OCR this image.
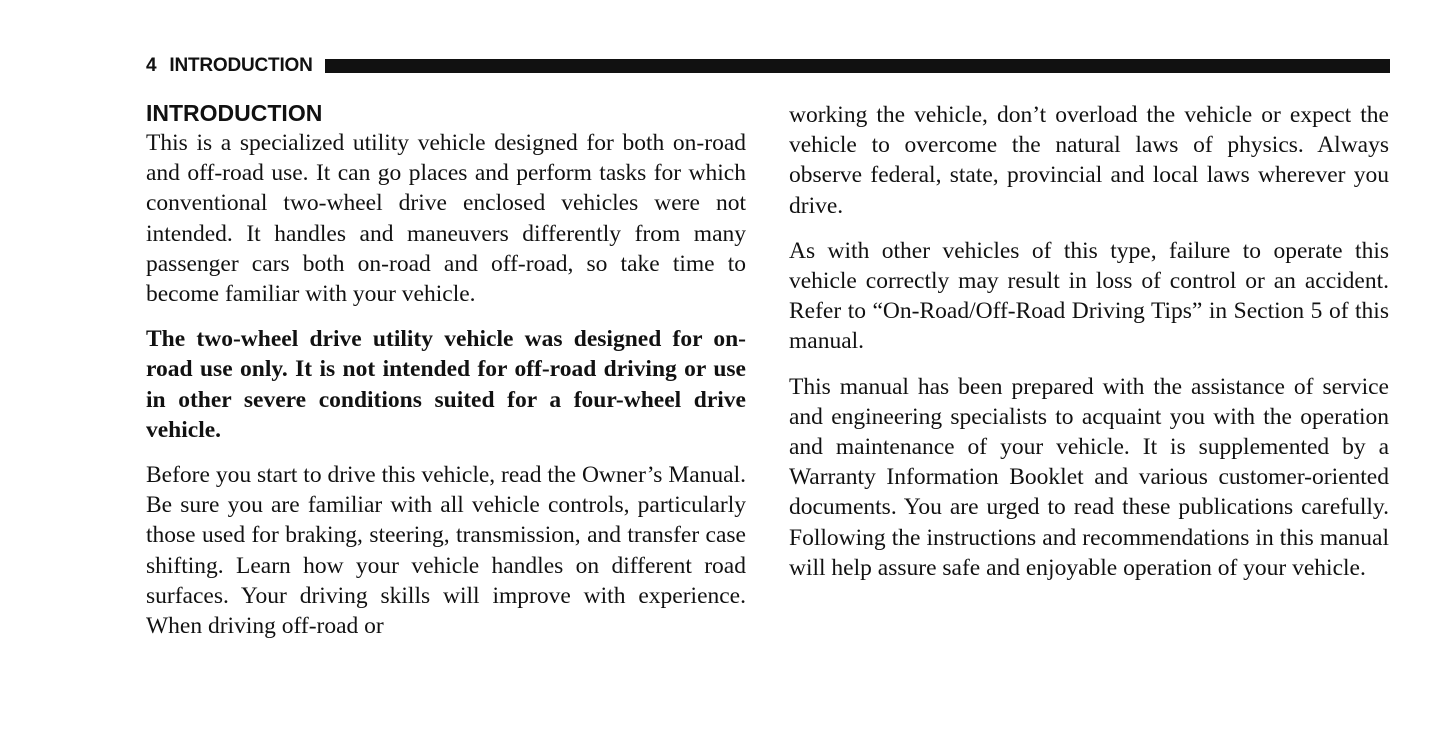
4 INTRODUCTION
INTRODUCTION

This is a specialized utility vehicle designed for both on-road and off-road use. It can go places and perform tasks for which conventional two-wheel drive enclosed vehicles were not intended. It handles and maneuvers differently from many passenger cars both on-road and off-road, so take time to become familiar with your vehicle.

The two-wheel drive utility vehicle was designed for on-road use only. It is not intended for off-road driving or use in other severe conditions suited for a four-wheel drive vehicle.

Before you start to drive this vehicle, read the Owner’s Manual. Be sure you are familiar with all vehicle controls, particularly those used for braking, steering, transmission, and transfer case shifting. Learn how your vehicle handles on different road surfaces. Your driving skills will improve with experience. When driving off-road or

working the vehicle, don’t overload the vehicle or expect the vehicle to overcome the natural laws of physics. Always observe federal, state, provincial and local laws wherever you drive.

As with other vehicles of this type, failure to operate this vehicle correctly may result in loss of control or an accident. Refer to “On-Road/Off-Road Driving Tips” in Section 5 of this manual.

This manual has been prepared with the assistance of service and engineering specialists to acquaint you with the operation and maintenance of your vehicle. It is supplemented by a Warranty Information Booklet and various customer-oriented documents. You are urged to read these publications carefully. Following the instructions and recommendations in this manual will help assure safe and enjoyable operation of your vehicle.
